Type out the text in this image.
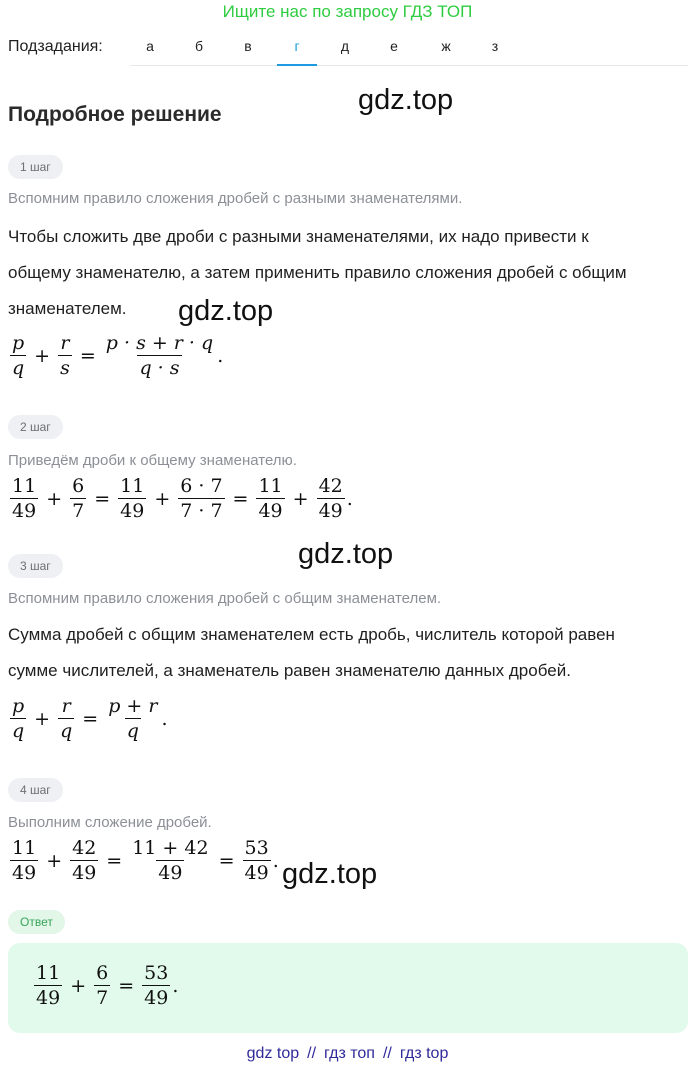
Ищите нас по запросу ГДЗ ТОП
Подзадания:	а	б	в	г	д	е	ж	з
Подробное решение	gdz.top
gdz.top
gdz.top
gdz.top
1 шаг
Вспомним правило сложения дробей с разными знаменателями.
Чтобы сложить две дроби с разными знаменателями, их надо привести к
общему знаменателю, а затем применить правило сложения дробей с общим
знаменателем.
$\frac{p}{q} + \frac{r}{s} = \frac{p \cdot s + r \cdot q}{q \cdot s}$ .
2 шаг
Приведём дроби к общему знаменателю.
$\frac{11}{49} + \frac{6}{7} = \frac{11}{49} + \frac{6 \cdot 7}{7 \cdot 7} = \frac{11}{49} + \frac{42}{49}$ .
3 шаг
Вспомним правило сложения дробей с общим знаменателем.
Сумма дробей с общим знаменателем есть дробь, числитель которой равен
сумме числителей, а знаменатель равен знаменателю данных дробей.
$\frac{p}{q} + \frac{r}{q} = \frac{p + r}{q}$ .
4 шаг
Выполним сложение дробей.
$\frac{11}{49} + \frac{42}{49} = \frac{11 + 42}{49} = \frac{53}{49}$ .
Ответ
$\frac{11}{49} + \frac{6}{7} = \frac{53}{49}$ .
gdz top // гдз топ // гдз top
